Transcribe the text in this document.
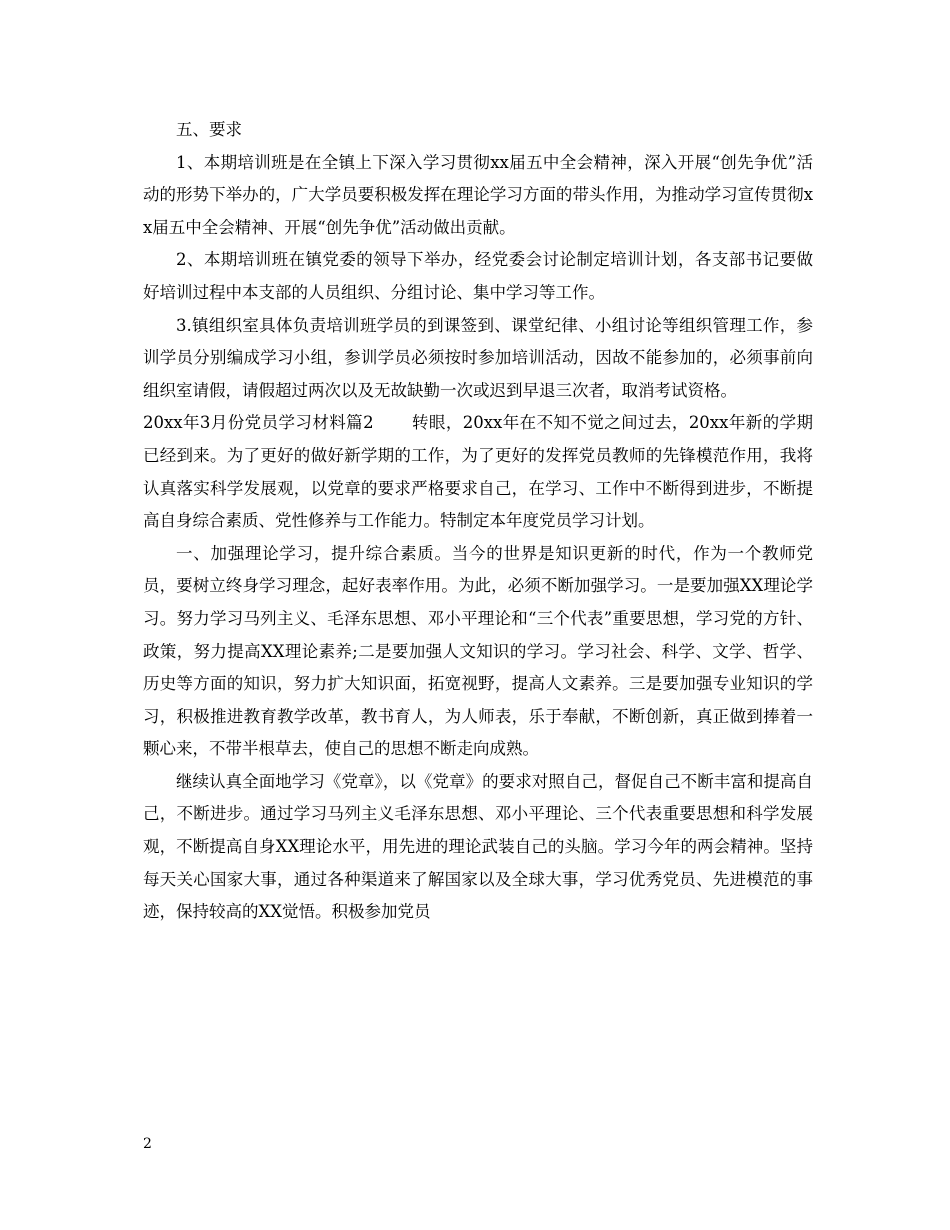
五、要求

1、本期培训班是在全镇上下深入学习贯彻xx届五中全会精神，深入开展“创先争优”活动的形势下举办的，广大学员要积极发挥在理论学习方面的带头作用，为推动学习宣传贯彻xx届五中全会精神、开展“创先争优”活动做出贡献。

2、本期培训班在镇党委的领导下举办，经党委会讨论制定培训计划，各支部书记要做好培训过程中本支部的人员组织、分组讨论、集中学习等工作。

3.镇组织室具体负责培训班学员的到课签到、课堂纪律、小组讨论等组织管理工作，参训学员分别编成学习小组，参训学员必须按时参加培训活动，因故不能参加的，必须事前向组织室请假，请假超过两次以及无故缺勤一次或迟到早退三次者，取消考试资格。

20xx年3月份党员学习材料篇2 转眼，20xx年在不知不觉之间过去，20xx年新的学期已经到来。为了更好的做好新学期的工作，为了更好的发挥党员教师的先锋模范作用，我将认真落实科学发展观，以党章的要求严格要求自己，在学习、工作中不断得到进步，不断提高自身综合素质、党性修养与工作能力。特制定本年度党员学习计划。

一、加强理论学习，提升综合素质。当今的世界是知识更新的时代，作为一个教师党员，要树立终身学习理念，起好表率作用。为此，必须不断加强学习。一是要加强XX理论学习。努力学习马列主义、毛泽东思想、邓小平理论和“三个代表”重要思想，学习党的方针、政策，努力提高XX理论素养;二是要加强人文知识的学习。学习社会、科学、文学、哲学、历史等方面的知识，努力扩大知识面，拓宽视野，提高人文素养。三是要加强专业知识的学习，积极推进教育教学改革，教书育人，为人师表，乐于奉献，不断创新，真正做到捧着一颗心来，不带半根草去，使自己的思想不断走向成熟。

继续认真全面地学习《党章》，以《党章》的要求对照自己，督促自己不断丰富和提高自己，不断进步。通过学习马列主义毛泽东思想、邓小平理论、三个代表重要思想和科学发展观，不断提高自身XX理论水平，用先进的理论武装自己的头脑。学习今年的两会精神。坚持每天关心国家大事，通过各种渠道来了解国家以及全球大事，学习优秀党员、先进模范的事迹，保持较高的XX觉悟。积极参加党员

2
